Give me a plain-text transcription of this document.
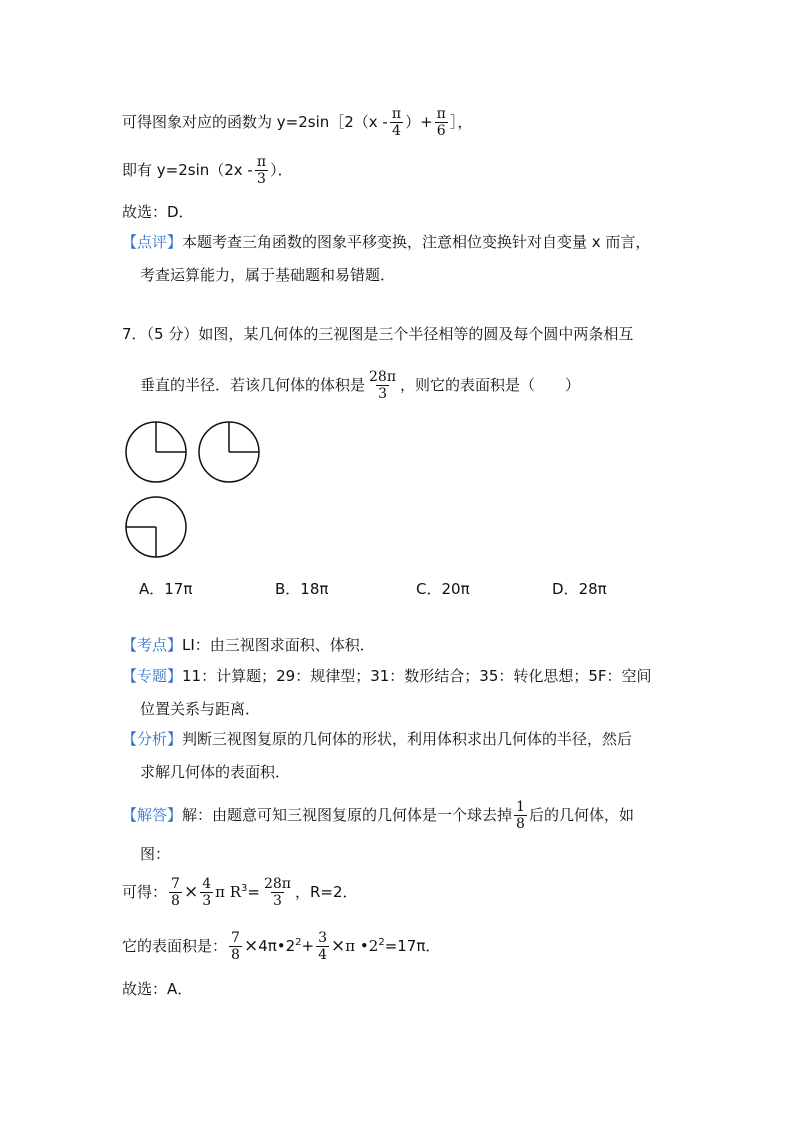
可得图象对应的函数为 y=2sin［2（x - $\frac{\pi}{4}$ ）+ $\frac{\pi}{6}$ ］，
即有 $y=2\sin(2x - \frac{\pi}{3}$ ）．
故选：D．
【点评】本题考查三角函数的图象平移变换，注意相位变换针对自变量 x 而言，
考查运算能力，属于基础题和易错题．
7．（5 分）如图，某几何体的三视图是三个半径相等的圆及每个圆中两条相互
垂直的半径．若该几何体的体积是 $\frac{28\pi}{3}$ ，则它的表面积是（　　）
A．17π	B．18π	C．20π	D．28π
【考点】LI：由三视图求面积、体积．
【专题】11：计算题；29：规律型；31：数形结合；35：转化思想；5F：空间
位置关系与距离．
【分析】判断三视图复原的几何体的形状，利用体积求出几何体的半径，然后
求解几何体的表面积．
【解答】解：由题意可知三视图复原的几何体是一个球去掉 $\frac{1}{8}$ 后的几何体，如
图：
可得： $\frac{7}{8} \times \frac{4}{3}$ π $R^3= \frac{28\pi}{3}$ ，R=2．
它的表面积是： $\frac{7}{8}$ $\times 4\pi•2^2+ \frac{3}{4} \times\pi$ $•2^2=17\pi$．
故选：A．
